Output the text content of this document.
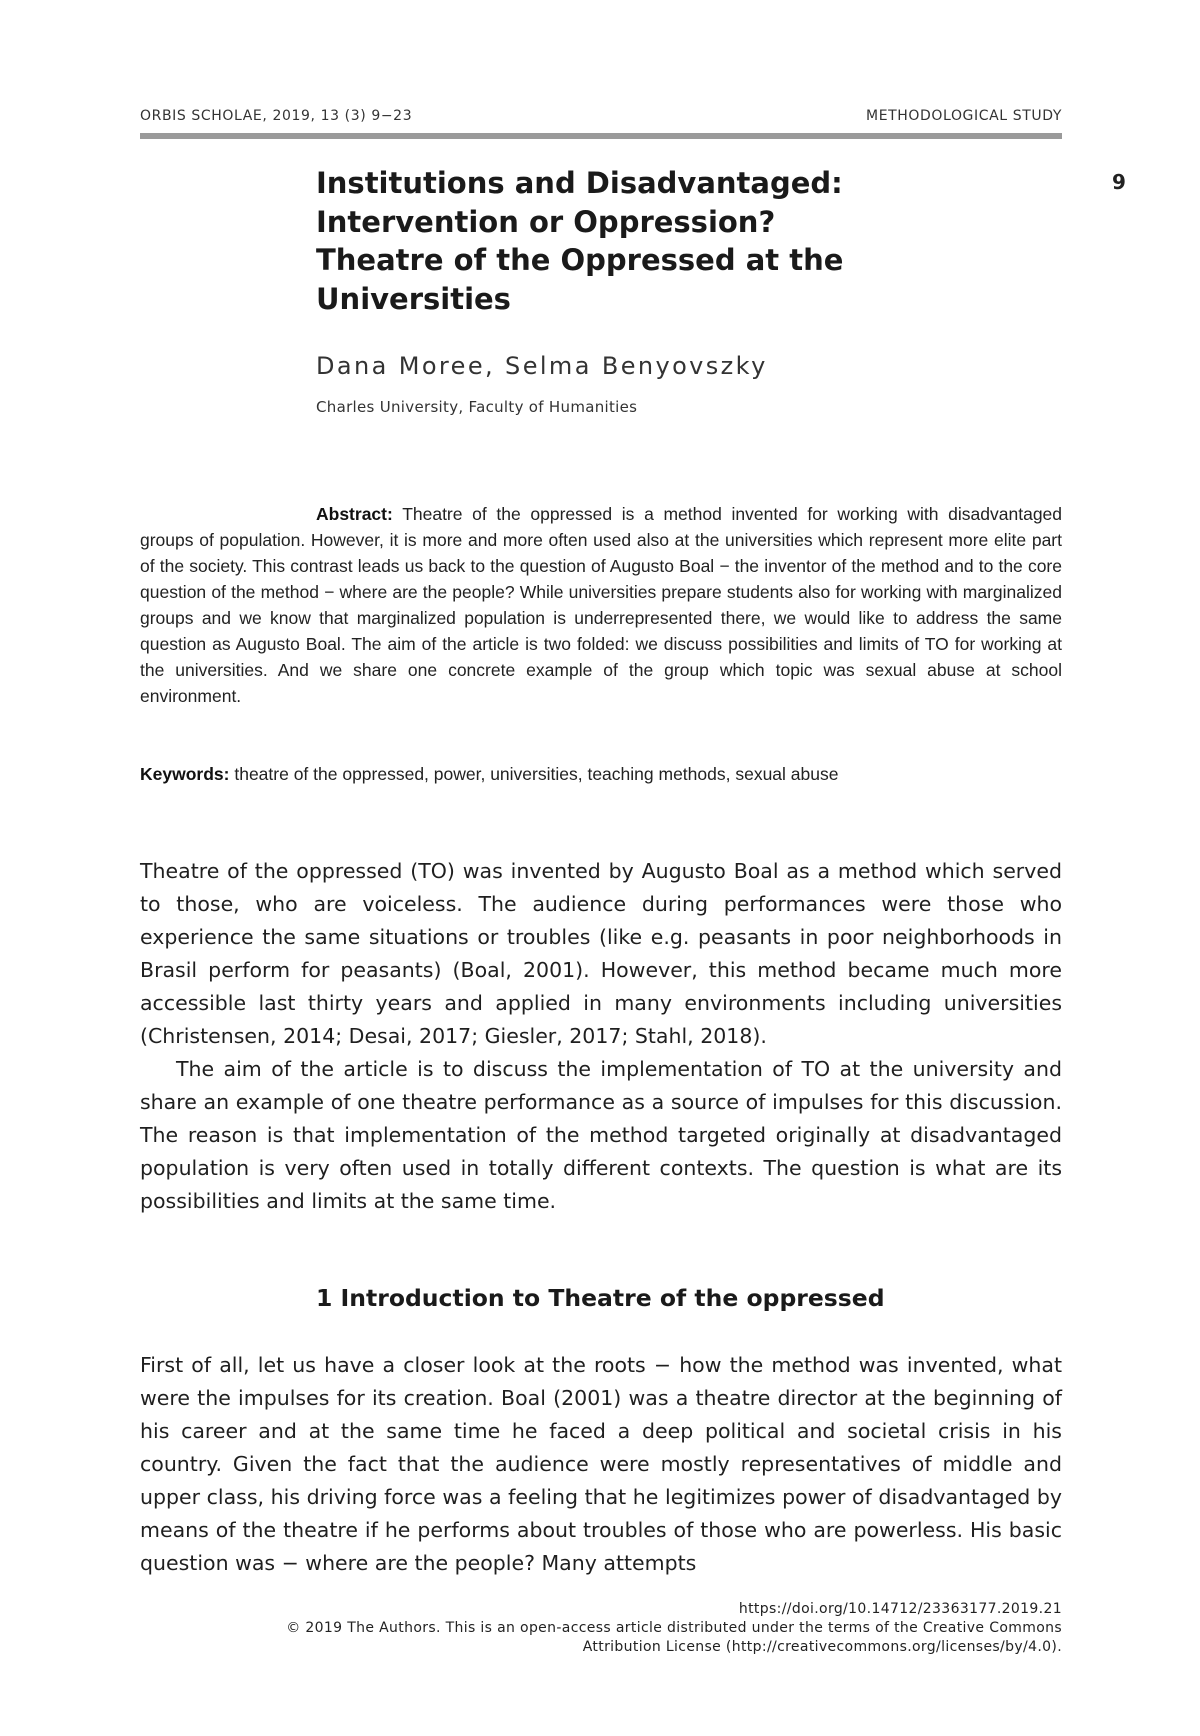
ORBIS SCHOLAE, 2019, 13 (3) 9−23	METHODOLOGICAL STUDY
9
Institutions and Disadvantaged:
Intervention or Oppression?
Theatre of the Oppressed at the
Universities
Dana Moree, Selma Benyovszky
Charles University, Faculty of Humanities

Abstract: Theatre of the oppressed is a method invented for working with disadvantaged groups of population. However, it is more and more often used also at the universities which represent more elite part of the society. This contrast leads us back to the question of Augusto Boal − the inventor of the method and to the core question of the method − where are the people? While universities prepare students also for working with marginalized groups and we know that marginalized population is underrepresented there, we would like to address the same question as Augusto Boal. The aim of the article is two folded: we discuss possibilities and limits of TO for working at the universities. And we share one concrete example of the group which topic was sexual abuse at school environment.

Keywords: theatre of the oppressed, power, universities, teaching methods, sexual abuse

Theatre of the oppressed (TO) was invented by Augusto Boal as a method which served to those, who are voiceless. The audience during performances were those who experience the same situations or troubles (like e.g. peasants in poor neighborhoods in Brasil perform for peasants) (Boal, 2001). However, this method became much more accessible last thirty years and applied in many environments including universities (Christensen, 2014; Desai, 2017; Giesler, 2017; Stahl, 2018).

The aim of the article is to discuss the implementation of TO at the university and share an example of one theatre performance as a source of impulses for this discussion. The reason is that implementation of the method targeted originally at disadvantaged population is very often used in totally different contexts. The question is what are its possibilities and limits at the same time.

1 Introduction to Theatre of the oppressed

First of all, let us have a closer look at the roots − how the method was invented, what were the impulses for its creation. Boal (2001) was a theatre director at the beginning of his career and at the same time he faced a deep political and societal crisis in his country. Given the fact that the audience were mostly representatives of middle and upper class, his driving force was a feeling that he legitimizes power of disadvantaged by means of the theatre if he performs about troubles of those who are powerless. His basic question was − where are the people? Many attempts

https://doi.org/10.14712/23363177.2019.21
© 2019 The Authors. This is an open-access article distributed under the terms of the Creative Commons
Attribution License (http://creativecommons.org/licenses/by/4.0).
